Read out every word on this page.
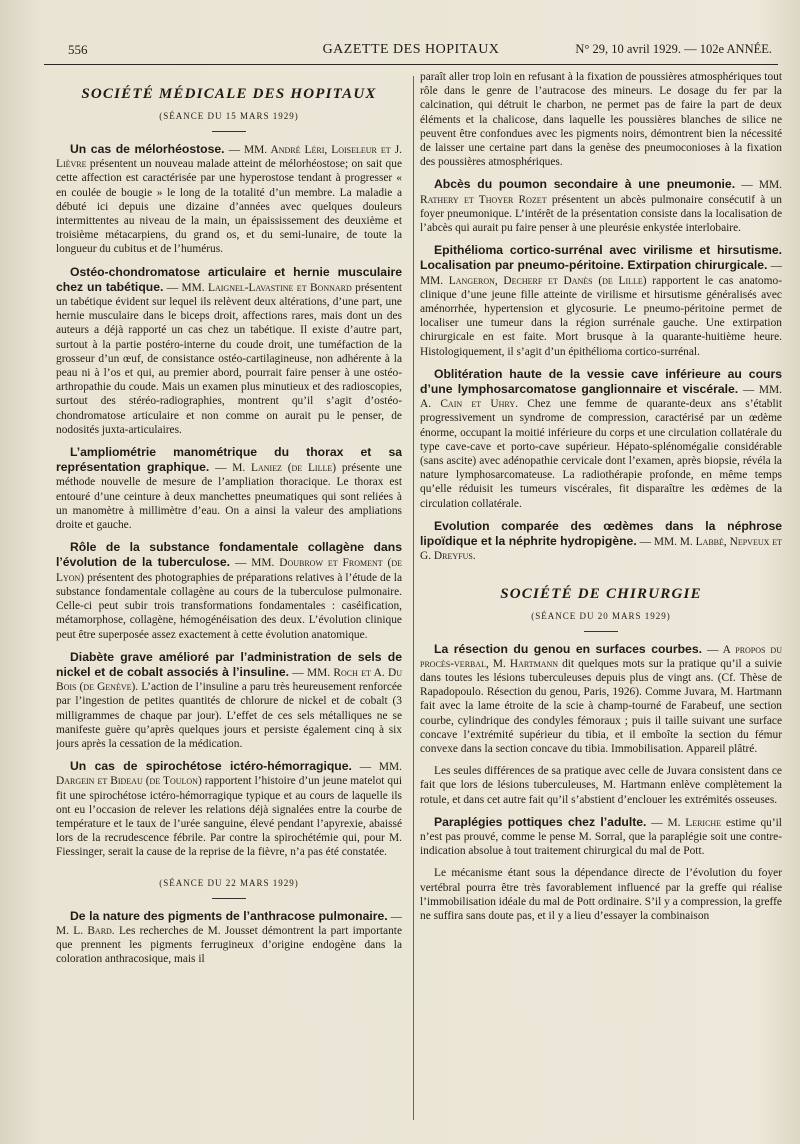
556	GAZETTE DES HOPITAUX	N° 29, 10 avril 1929. — 102e ANNÉE.
SOCIÉTÉ MÉDICALE DES HOPITAUX
(SÉANCE DU 15 MARS 1929)
Un cas de mélorhéostose. — MM. André Léri, Loiseleur et J. Lièvre présentent un nouveau malade atteint de mélorhéostose; on sait que cette affection est caractérisée par une hyperostose tendant à progresser « en coulée de bougie » le long de la totalité d’un membre. La maladie a débuté ici depuis une dizaine d’années avec quelques douleurs intermittentes au niveau de la main, un épaississement des deuxième et troisième métacarpiens, du grand os, et du semi-lunaire, de toute la longueur du cubitus et de l’humérus.
Ostéo-chondromatose articulaire et hernie musculaire chez un tabétique. — MM. Laignel-Lavastine et Bonnard présentent un tabétique évident sur lequel ils relèvent deux altérations, d’une part, une hernie musculaire dans le biceps droit, affections rares, mais dont un des auteurs a déjà rapporté un cas chez un tabétique. Il existe d’autre part, surtout à la partie postéro-interne du coude droit, une tuméfaction de la grosseur d’un œuf, de consistance ostéo-cartilagineuse, non adhérente à la peau ni à l’os et qui, au premier abord, pourrait faire penser à une ostéo-arthropathie du coude. Mais un examen plus minutieux et des radioscopies, surtout des stéréo-radiographies, montrent qu’il s’agit d’ostéo-chondromatose articulaire et non comme on aurait pu le penser, de nodosités juxta-articulaires.
L’ampliométrie manométrique du thorax et sa représentation graphique. — M. Laniez (de Lille) présente une méthode nouvelle de mesure de l’ampliation thoracique. Le thorax est entouré d’une ceinture à deux manchettes pneumatiques qui sont reliées à un manomètre à millimètre d’eau. On a ainsi la valeur des ampliations droite et gauche.
Rôle de la substance fondamentale collagène dans l’évolution de la tuberculose. — MM. Doubrow et Froment (de Lyon) présentent des photographies de préparations relatives à l’étude de la substance fondamentale collagène au cours de la tuberculose pulmonaire. Celle-ci peut subir trois transformations fondamentales : caséification, métamorphose, collagène, hémogénéisation des deux. L’évolution clinique peut être superposée assez exactement à cette évolution anatomique.
Diabète grave amélioré par l’administration de sels de nickel et de cobalt associés à l’insuline. — MM. Roch et A. Du Bois (de Genève). L’action de l’insuline a paru très heureusement renforcée par l’ingestion de petites quantités de chlorure de nickel et de cobalt (3 milligrammes de chaque par jour). L’effet de ces sels métalliques ne se manifeste guère qu’après quelques jours et persiste également cinq à six jours après la cessation de la médication.
Un cas de spirochétose ictéro-hémorragique. — MM. Dargein et Bideau (de Toulon) rapportent l’histoire d’un jeune matelot qui fit une spirochétose ictéro-hémorragique typique et au cours de laquelle ils ont eu l’occasion de relever les relations déjà signalées entre la courbe de température et le taux de l’urée sanguine, élevé pendant l’apyrexie, abaissé lors de la recrudescence fébrile. Par contre la spirochétémie qui, pour M. Fiessinger, serait la cause de la reprise de la fièvre, n’a pas été constatée.
(SÉANCE DU 22 MARS 1929)
De la nature des pigments de l’anthracose pulmonaire. — M. L. Bard. Les recherches de M. Jousset démontrent la part importante que prennent les pigments ferrugineux d’origine endogène dans la coloration anthracosique, mais il
paraît aller trop loin en refusant à la fixation de poussières atmosphériques tout rôle dans le genre de l’autracose des mineurs. Le dosage du fer par la calcination, qui détruit le charbon, ne permet pas de faire la part de deux éléments et la chalicose, dans laquelle les poussières blanches de silice ne peuvent être confondues avec les pigments noirs, démontrent bien la nécessité de laisser une certaine part dans la genèse des pneumoconioses à la fixation des poussières atmosphériques.
Abcès du poumon secondaire à une pneumonie. — MM. Rathery et Thoyer Rozet présentent un abcès pulmonaire consécutif à un foyer pneumonique. L’intérêt de la présentation consiste dans la localisation de l’abcès qui aurait pu faire penser à une pleurésie enkystée interlobaire.
Epithélioma cortico-surrénal avec virilisme et hirsutisme. Localisation par pneumo-péritoine. Extirpation chirurgicale. — MM. Langeron, Decherf et Danès (de Lille) rapportent le cas anatomo-clinique d’une jeune fille atteinte de virilisme et hirsutisme généralisés avec aménorrhée, hypertension et glycosurie. Le pneumo-péritoine permet de localiser une tumeur dans la région surrénale gauche. Une extirpation chirurgicale en est faite. Mort brusque à la quarante-huitième heure. Histologiquement, il s’agit d’un épithélioma cortico-surrénal.
Oblitération haute de la vessie cave inférieure au cours d’une lymphosarcomatose ganglionnaire et viscérale. — MM. A. Cain et Uhry. Chez une femme de quarante-deux ans s’établit progressivement un syndrome de compression, caractérisé par un œdème énorme, occupant la moitié inférieure du corps et une circulation collatérale du type cave-cave et porto-cave supérieur. Hépato-splénomégalie considérable (sans ascite) avec adénopathie cervicale dont l’examen, après biopsie, révéla la nature lymphosarcomateuse. La radiothérapie profonde, en même temps qu’elle réduisit les tumeurs viscérales, fit disparaître les œdèmes de la circulation collatérale.
Evolution comparée des œdèmes dans la néphrose lipoïdique et la néphrite hydropigène. — MM. M. Labbé, Nepveux et G. Dreyfus.
SOCIÉTÉ DE CHIRURGIE
(SÉANCE DU 20 MARS 1929)
La résection du genou en surfaces courbes. — A propos du procès-verbal, M. Hartmann dit quelques mots sur la pratique qu’il a suivie dans toutes les lésions tuberculeuses depuis plus de vingt ans. (Cf. Thèse de Rapadopoulo. Résection du genou, Paris, 1926). Comme Juvara, M. Hartmann fait avec la lame étroite de la scie à champ-tourné de Farabeuf, une section courbe, cylindrique des condyles fémoraux ; puis il taille suivant une surface concave l’extrémité supérieur du tibia, et il emboîte la section du fémur convexe dans la section concave du tibia. Immobilisation. Appareil plâtré.
Les seules différences de sa pratique avec celle de Juvara consistent dans ce fait que lors de lésions tuberculeuses, M. Hartmann enlève complètement la rotule, et dans cet autre fait qu’il s’abstient d’enclouer les extrémités osseuses.
Paraplégies pottiques chez l’adulte. — M. Leriche estime qu’il n’est pas prouvé, comme le pense M. Sorral, que la paraplégie soit une contre-indication absolue à tout traitement chirurgical du mal de Pott.
Le mécanisme étant sous la dépendance directe de l’évolution du foyer vertébral pourra être très favorablement influencé par la greffe qui réalise l’immobilisation idéale du mal de Pott ordinaire. S’il y a compression, la greffe ne suffira sans doute pas, et il y a lieu d’essayer la combinaison
